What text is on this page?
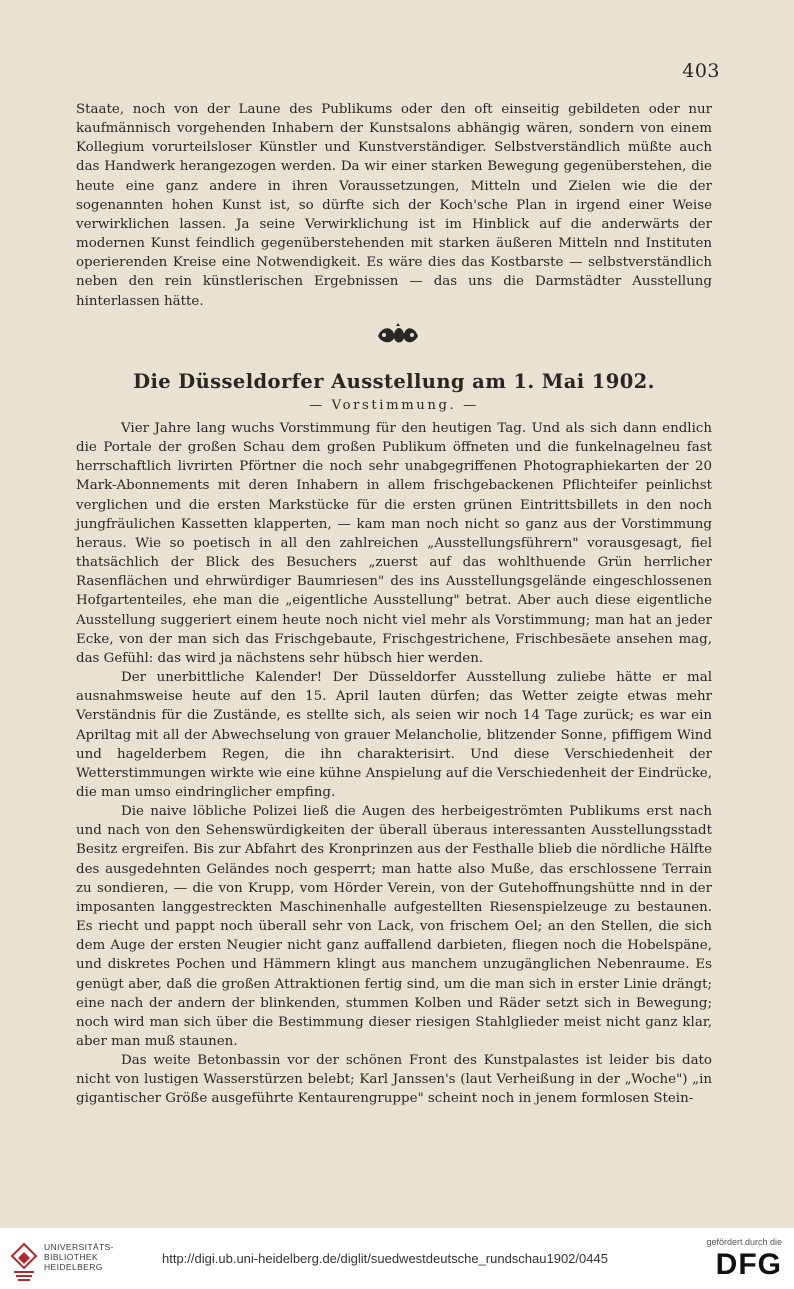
403

Staate, noch von der Laune des Publikums oder den oft einseitig gebildeten oder nur kaufmännisch vorgehenden Inhabern der Kunstsalons abhängig wären, sondern von einem Kollegium vorurteilsloser Künstler und Kunstverständiger. Selbstverständlich müßte auch das Handwerk herangezogen werden. Da wir einer starken Bewegung gegenüberstehen, die heute eine ganz andere in ihren Voraussetzungen, Mitteln und Zielen wie die der sogenannten hohen Kunst ist, so dürfte sich der Koch'sche Plan in irgend einer Weise verwirklichen lassen. Ja seine Verwirklichung ist im Hinblick auf die anderwärts der modernen Kunst feindlich gegenüberstehenden mit starken äußeren Mitteln nnd Instituten operierenden Kreise eine Notwendigkeit. Es wäre dies das Kostbarste — selbstverständlich neben den rein künstlerischen Ergebnissen — das uns die Darmstädter Ausstellung hinterlassen hätte.

Die Düsseldorfer Ausstellung am 1. Mai 1902.
— Vorstimmung. —

Vier Jahre lang wuchs Vorstimmung für den heutigen Tag. Und als sich dann endlich die Portale der großen Schau dem großen Publikum öffneten und die funkelnagelneu fast herrschaftlich livrirten Pförtner die noch sehr unabgegriffenen Photographiekarten der 20 Mark-Abonnements mit deren Inhabern in allem frischgebackenen Pflichteifer peinlichst verglichen und die ersten Markstücke für die ersten grünen Eintrittsbillets in den noch jungfräulichen Kassetten klapperten, — kam man noch nicht so ganz aus der Vorstimmung heraus. Wie so poetisch in all den zahlreichen „Ausstellungsführern" vorausgesagt, fiel thatsächlich der Blick des Besuchers „zuerst auf das wohlthuende Grün herrlicher Rasenflächen und ehrwürdiger Baumriesen" des ins Ausstellungsgelände eingeschlossenen Hofgartenteiles, ehe man die „eigentliche Ausstellung" betrat. Aber auch diese eigentliche Ausstellung suggeriert einem heute noch nicht viel mehr als Vorstimmung; man hat an jeder Ecke, von der man sich das Frischgebaute, Frischgestrichene, Frischbesäete ansehen mag, das Gefühl: das wird ja nächstens sehr hübsch hier werden.

Der unerbittliche Kalender! Der Düsseldorfer Ausstellung zuliebe hätte er mal ausnahmsweise heute auf den 15. April lauten dürfen; das Wetter zeigte etwas mehr Verständnis für die Zustände, es stellte sich, als seien wir noch 14 Tage zurück; es war ein Apriltag mit all der Abwechselung von grauer Melancholie, blitzender Sonne, pfiffigem Wind und hagelderbem Regen, die ihn charakterisirt. Und diese Verschiedenheit der Wetterstimmungen wirkte wie eine kühne Anspielung auf die Verschiedenheit der Eindrücke, die man umso eindringlicher empfing.

Die naive löbliche Polizei ließ die Augen des herbeigeströmten Publikums erst nach und nach von den Sehenswürdigkeiten der überall überaus interessanten Ausstellungsstadt Besitz ergreifen. Bis zur Abfahrt des Kronprinzen aus der Festhalle blieb die nördliche Hälfte des ausgedehnten Geländes noch gesperrt; man hatte also Muße, das erschlossene Terrain zu sondieren, — die von Krupp, vom Hörder Verein, von der Gutehoffnungshütte nnd in der imposanten langgestreckten Maschinenhalle aufgestellten Riesenspielzeuge zu bestaunen. Es riecht und pappt noch überall sehr von Lack, von frischem Oel; an den Stellen, die sich dem Auge der ersten Neugier nicht ganz auffallend darbieten, fliegen noch die Hobelspäne, und diskretes Pochen und Hämmern klingt aus manchem unzugänglichen Nebenraume. Es genügt aber, daß die großen Attraktionen fertig sind, um die man sich in erster Linie drängt; eine nach der andern der blinkenden, stummen Kolben und Räder setzt sich in Bewegung; noch wird man sich über die Bestimmung dieser riesigen Stahlglieder meist nicht ganz klar, aber man muß staunen.

Das weite Betonbassin vor der schönen Front des Kunstpalastes ist leider bis dato nicht von lustigen Wasserstürzen belebt; Karl Janssen's (laut Verheißung in der „Woche") „in gigantischer Größe ausgeführte Kentaurengruppe" scheint noch in jenem formlosen Stein-

UNIVERSITÄTS-
BIBLIOTHEK
HEIDELBERG
http://digi.ub.uni-heidelberg.de/diglit/suedwestdeutsche_rundschau1902/0445
gefördert durch die
DFG
